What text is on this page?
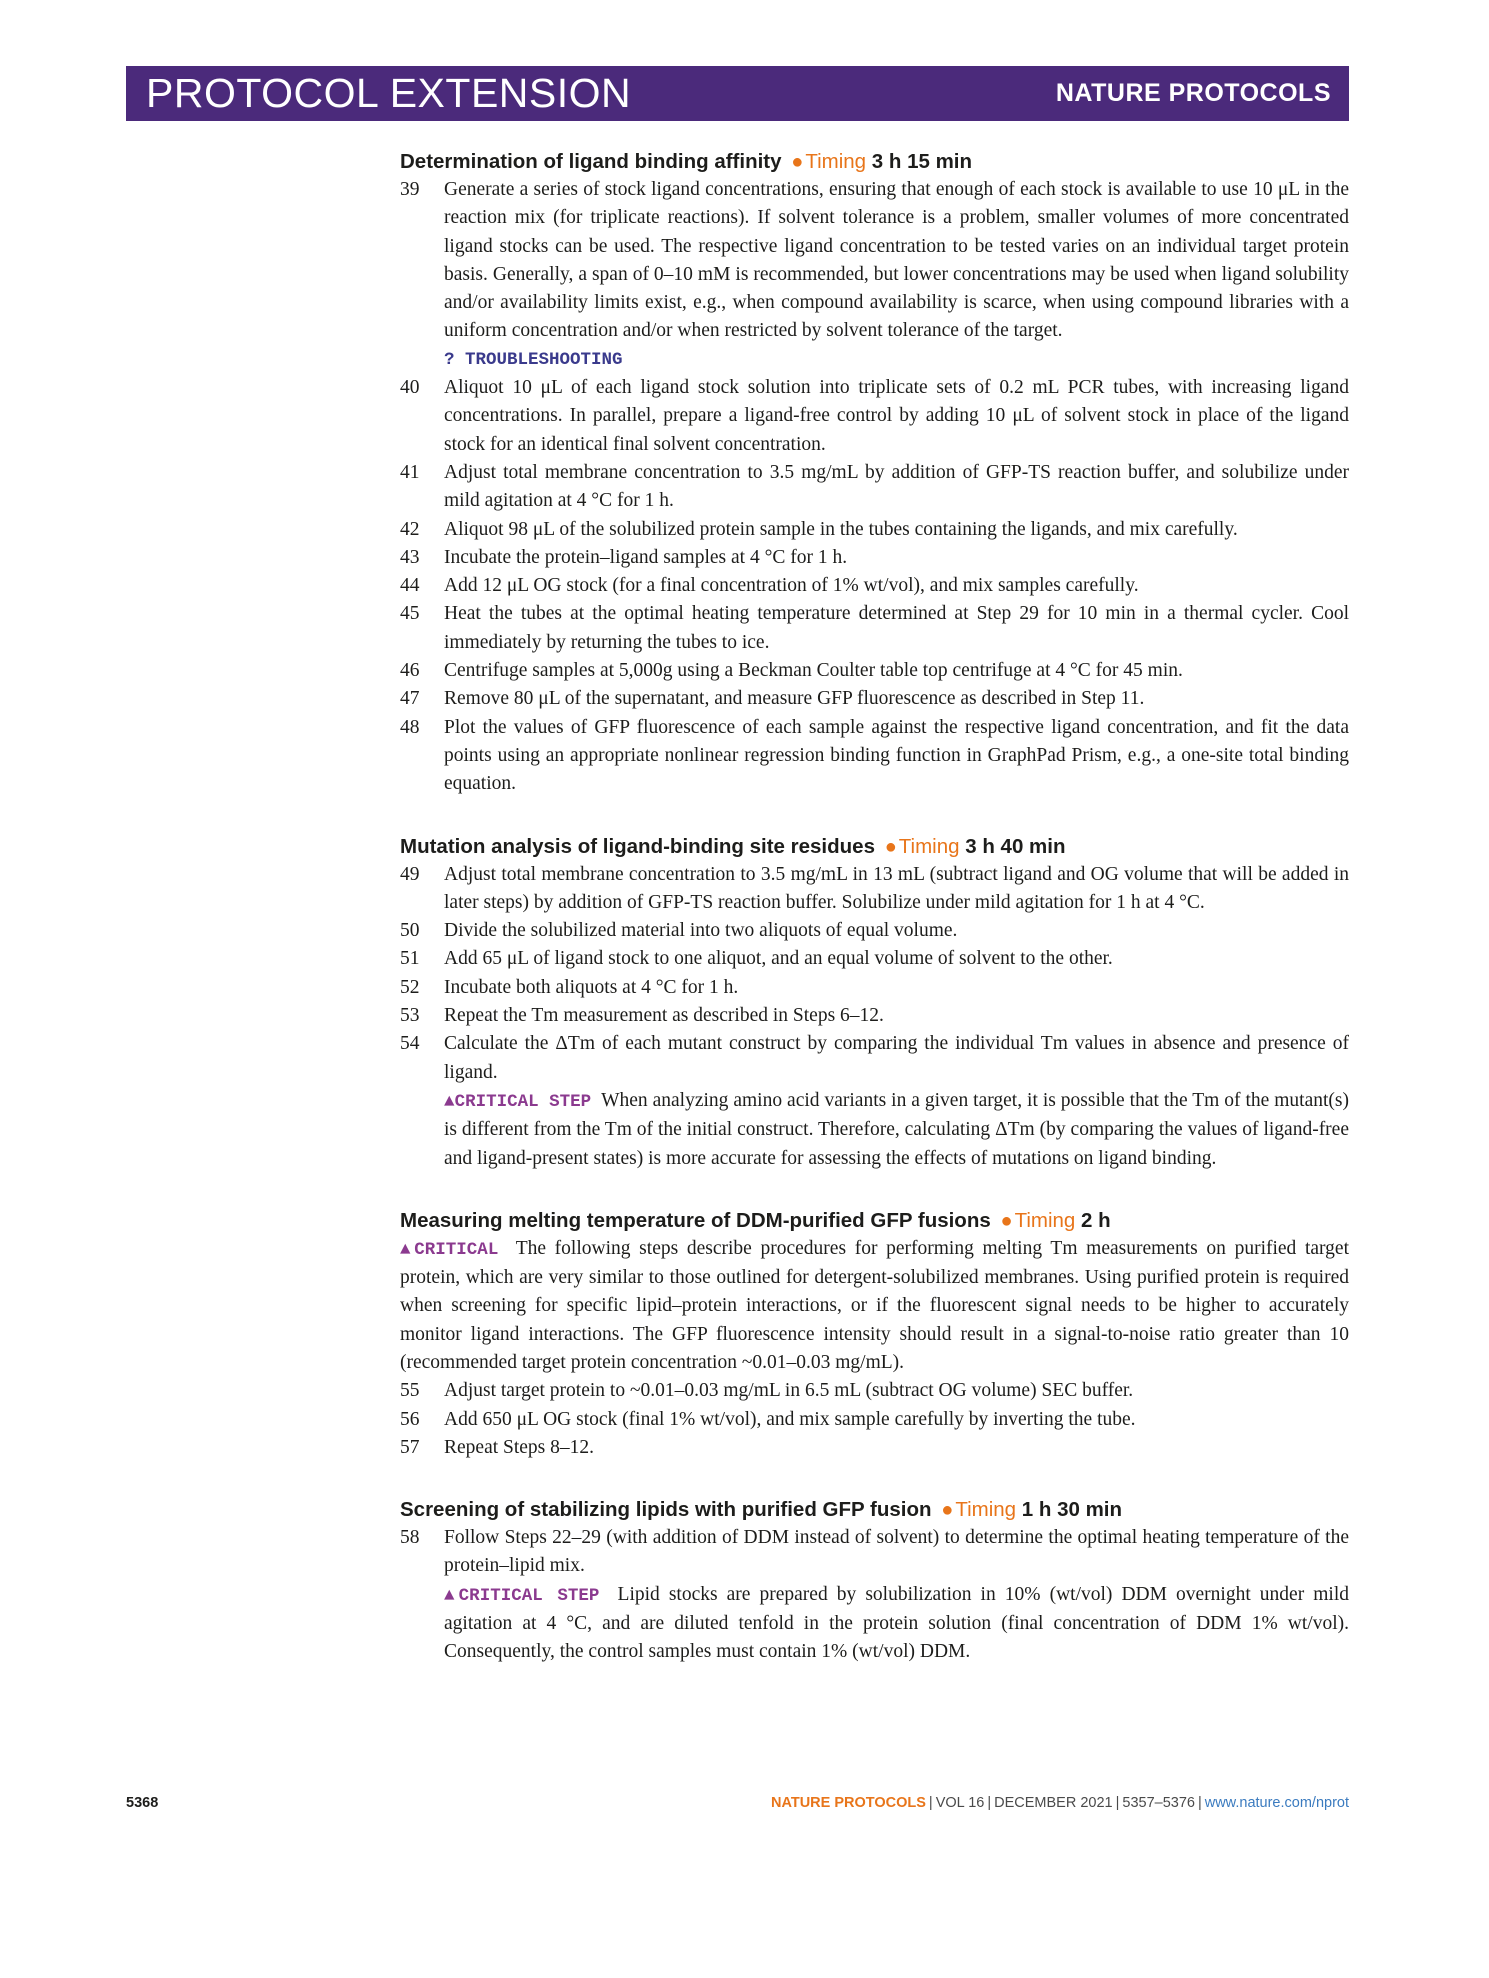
PROTOCOL EXTENSION	NATURE PROTOCOLS
Determination of ligand binding affinity ●Timing 3 h 15 min
39	Generate a series of stock ligand concentrations, ensuring that enough of each stock is available to use 10 μL in the reaction mix (for triplicate reactions). If solvent tolerance is a problem, smaller volumes of more concentrated ligand stocks can be used. The respective ligand concentration to be tested varies on an individual target protein basis. Generally, a span of 0–10 mM is recommended, but lower concentrations may be used when ligand solubility and/or availability limits exist, e.g., when compound availability is scarce, when using compound libraries with a uniform concentration and/or when restricted by solvent tolerance of the target.
? TROUBLESHOOTING
40	Aliquot 10 μL of each ligand stock solution into triplicate sets of 0.2 mL PCR tubes, with increasing ligand concentrations. In parallel, prepare a ligand-free control by adding 10 μL of solvent stock in place of the ligand stock for an identical final solvent concentration.
41	Adjust total membrane concentration to 3.5 mg/mL by addition of GFP-TS reaction buffer, and solubilize under mild agitation at 4 °C for 1 h.
42	Aliquot 98 μL of the solubilized protein sample in the tubes containing the ligands, and mix carefully.
43	Incubate the protein–ligand samples at 4 °C for 1 h.
44	Add 12 μL OG stock (for a final concentration of 1% wt/vol), and mix samples carefully.
45	Heat the tubes at the optimal heating temperature determined at Step 29 for 10 min in a thermal cycler. Cool immediately by returning the tubes to ice.
46	Centrifuge samples at 5,000g using a Beckman Coulter table top centrifuge at 4 °C for 45 min.
47	Remove 80 μL of the supernatant, and measure GFP fluorescence as described in Step 11.
48	Plot the values of GFP fluorescence of each sample against the respective ligand concentration, and fit the data points using an appropriate nonlinear regression binding function in GraphPad Prism, e.g., a one-site total binding equation.
Mutation analysis of ligand-binding site residues ●Timing 3 h 40 min
49	Adjust total membrane concentration to 3.5 mg/mL in 13 mL (subtract ligand and OG volume that will be added in later steps) by addition of GFP-TS reaction buffer. Solubilize under mild agitation for 1 h at 4 °C.
50	Divide the solubilized material into two aliquots of equal volume.
51	Add 65 μL of ligand stock to one aliquot, and an equal volume of solvent to the other.
52	Incubate both aliquots at 4 °C for 1 h.
53	Repeat the Tm measurement as described in Steps 6–12.
54	Calculate the ΔTm of each mutant construct by comparing the individual Tm values in absence and presence of ligand.
▲CRITICAL STEP When analyzing amino acid variants in a given target, it is possible that the Tm of the mutant(s) is different from the Tm of the initial construct. Therefore, calculating ΔTm (by comparing the values of ligand-free and ligand-present states) is more accurate for assessing the effects of mutations on ligand binding.
Measuring melting temperature of DDM-purified GFP fusions ●Timing 2 h
▲CRITICAL The following steps describe procedures for performing melting Tm measurements on purified target protein, which are very similar to those outlined for detergent-solubilized membranes. Using purified protein is required when screening for specific lipid–protein interactions, or if the fluorescent signal needs to be higher to accurately monitor ligand interactions. The GFP fluorescence intensity should result in a signal-to-noise ratio greater than 10 (recommended target protein concentration ~0.01–0.03 mg/mL).
55	Adjust target protein to ~0.01–0.03 mg/mL in 6.5 mL (subtract OG volume) SEC buffer.
56	Add 650 μL OG stock (final 1% wt/vol), and mix sample carefully by inverting the tube.
57	Repeat Steps 8–12.
Screening of stabilizing lipids with purified GFP fusion ●Timing 1 h 30 min
58	Follow Steps 22–29 (with addition of DDM instead of solvent) to determine the optimal heating temperature of the protein–lipid mix.
▲CRITICAL STEP Lipid stocks are prepared by solubilization in 10% (wt/vol) DDM overnight under mild agitation at 4 °C, and are diluted tenfold in the protein solution (final concentration of DDM 1% wt/vol). Consequently, the control samples must contain 1% (wt/vol) DDM.
5368	NATURE PROTOCOLS | VOL 16 | DECEMBER 2021 | 5357–5376 | www.nature.com/nprot
